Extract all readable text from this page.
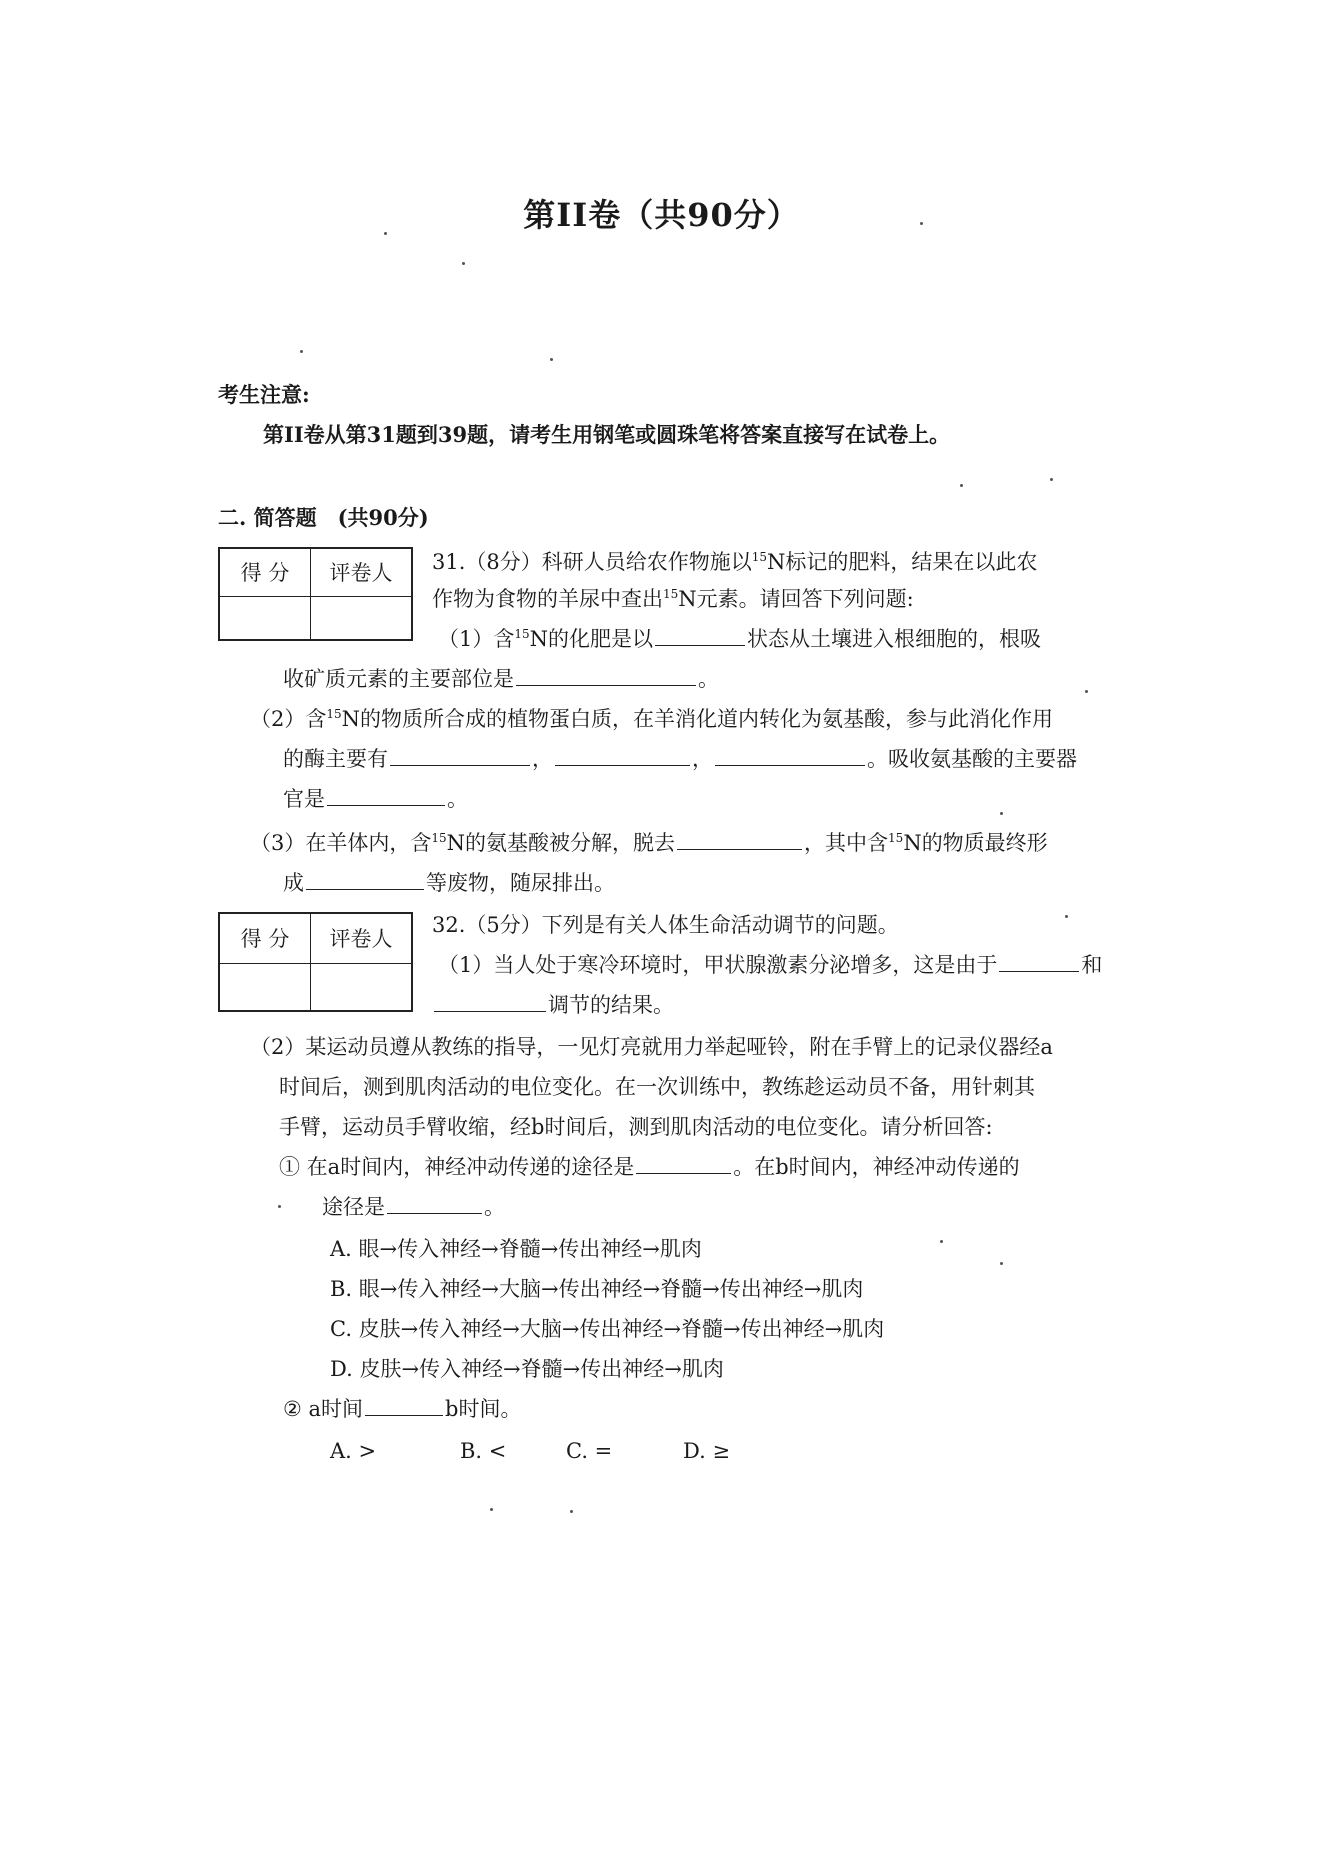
第II卷（共90分）
考生注意:
第II卷从第31题到39题，请考生用钢笔或圆珠笔将答案直接写在试卷上。
二. 简答题　(共90分)
得 分	评卷人
	31.（8分）科研人员给农作物施以$^{15}$N标记的肥料，结果在以此农
作物为食物的羊尿中查出$^{15}$N元素。请回答下列问题:
（1）含$^{15}$N的化肥是以	状态从土壤进入根细胞的，根吸
收矿质元素的主要部位是	。
（2）含$^{15}$N的物质所合成的植物蛋白质，在羊消化道内转化为氨基酸，参与此消化作用
的酶主要有	，	，	。吸收氨基酸的主要器
官是	。
（3）在羊体内，含$^{15}$N的氨基酸被分解，脱去	，其中含$^{15}$N的物质最终形
成	等废物，随尿排出。
得 分	评卷人

32.（5分）下列是有关人体生命活动调节的问题。
（1）当人处于寒冷环境时，甲状腺激素分泌增多，这是由于	和
调节的结果。
（2）某运动员遵从教练的指导，一见灯亮就用力举起哑铃，附在手臂上的记录仪器经a
时间后，测到肌肉活动的电位变化。在一次训练中，教练趁运动员不备，用针刺其
手臂，运动员手臂收缩，经b时间后，测到肌肉活动的电位变化。请分析回答:
① 在a时间内，神经冲动传递的途径是	。在b时间内，神经冲动传递的
途径是	。
A. 眼→传入神经→脊髓→传出神经→肌肉
B. 眼→传入神经→大脑→传出神经→脊髓→传出神经→肌肉
C. 皮肤→传入神经→大脑→传出神经→脊髓→传出神经→肌肉
D. 皮肤→传入神经→脊髓→传出神经→肌肉
② a时间	b时间。
A. >	B. <	C. =	D. ≥
